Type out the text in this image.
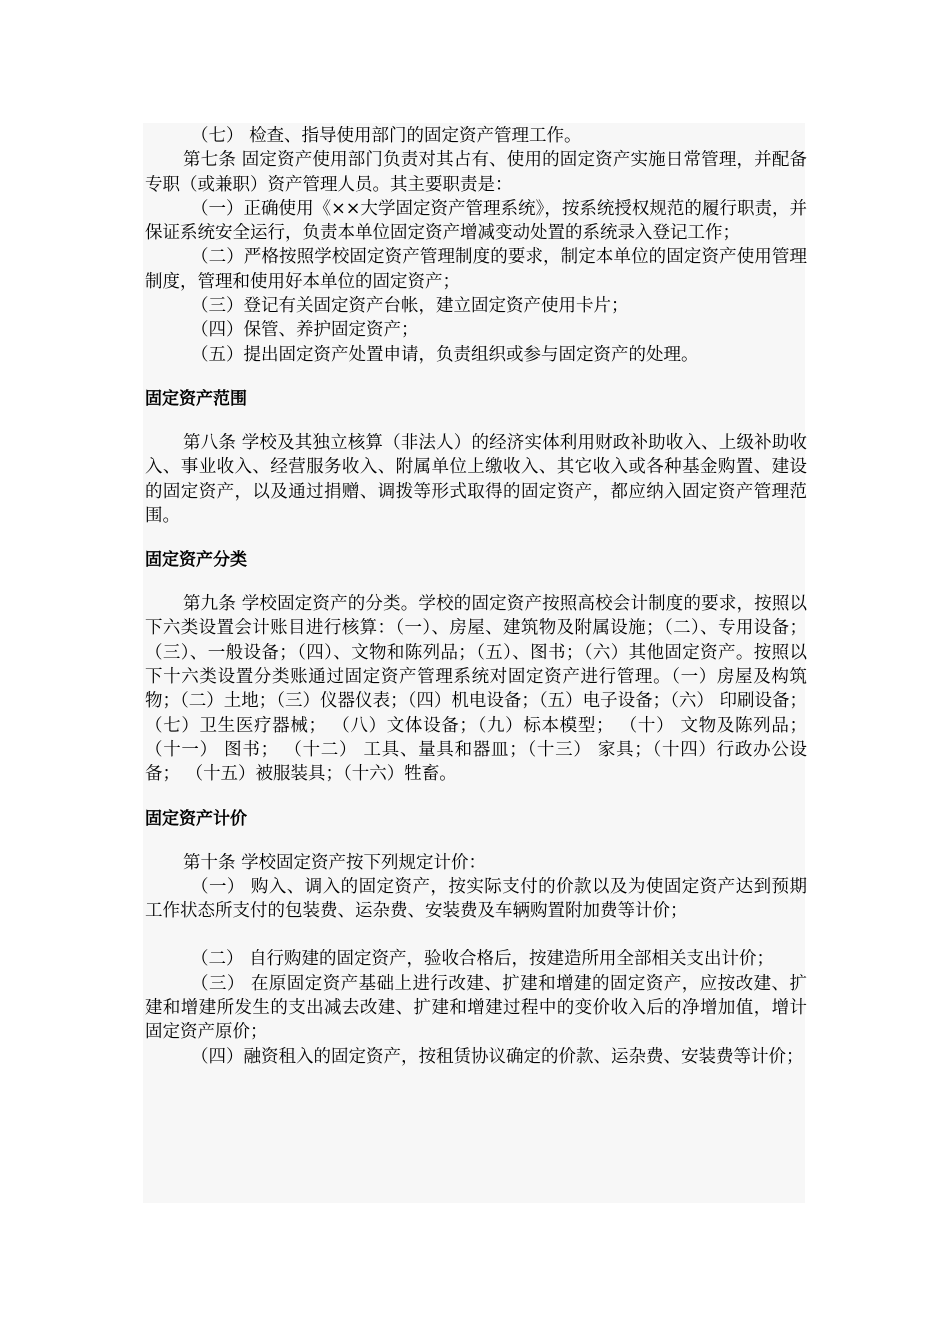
（七） 检查、指导使用部门的固定资产管理工作。

第七条 固定资产使用部门负责对其占有、使用的固定资产实施日常管理，并配备专职（或兼职）资产管理人员。其主要职责是：

（一）正确使用《××大学固定资产管理系统》，按系统授权规范的履行职责，并保证系统安全运行，负责本单位固定资产增减变动处置的系统录入登记工作；

（二）严格按照学校固定资产管理制度的要求，制定本单位的固定资产使用管理制度，管理和使用好本单位的固定资产；

（三）登记有关固定资产台帐，建立固定资产使用卡片；

（四）保管、养护固定资产；

（五）提出固定资产处置申请，负责组织或参与固定资产的处理。

固定资产范围

第八条 学校及其独立核算（非法人）的经济实体利用财政补助收入、上级补助收入、事业收入、经营服务收入、附属单位上缴收入、其它收入或各种基金购置、建设的固定资产，以及通过捐赠、调拨等形式取得的固定资产，都应纳入固定资产管理范围。

固定资产分类

第九条 学校固定资产的分类。学校的固定资产按照高校会计制度的要求，按照以下六类设置会计账目进行核算：（一）、房屋、建筑物及附属设施；（二）、专用设备；（三）、一般设备；（四）、文物和陈列品；（五）、图书；（六）其他固定资产。按照以下十六类设置分类账通过固定资产管理系统对固定资产进行管理。（一）房屋及构筑物；（二）土地；（三）仪器仪表；（四）机电设备；（五）电子设备；（六） 印刷设备；（七）卫生医疗器械； （八）文体设备；（九）标本模型； （十） 文物及陈列品；（十一） 图书； （十二） 工具、量具和器皿；（十三） 家具；（十四）行政办公设备； （十五）被服装具；（十六）牲畜。

固定资产计价

第十条 学校固定资产按下列规定计价：

（一） 购入、调入的固定资产，按实际支付的价款以及为使固定资产达到预期工作状态所支付的包装费、运杂费、安装费及车辆购置附加费等计价；

（二） 自行购建的固定资产，验收合格后，按建造所用全部相关支出计价；

（三） 在原固定资产基础上进行改建、扩建和增建的固定资产，应按改建、扩建和增建所发生的支出减去改建、扩建和增建过程中的变价收入后的净增加值，增计固定资产原价；

（四）融资租入的固定资产，按租赁协议确定的价款、运杂费、安装费等计价；
